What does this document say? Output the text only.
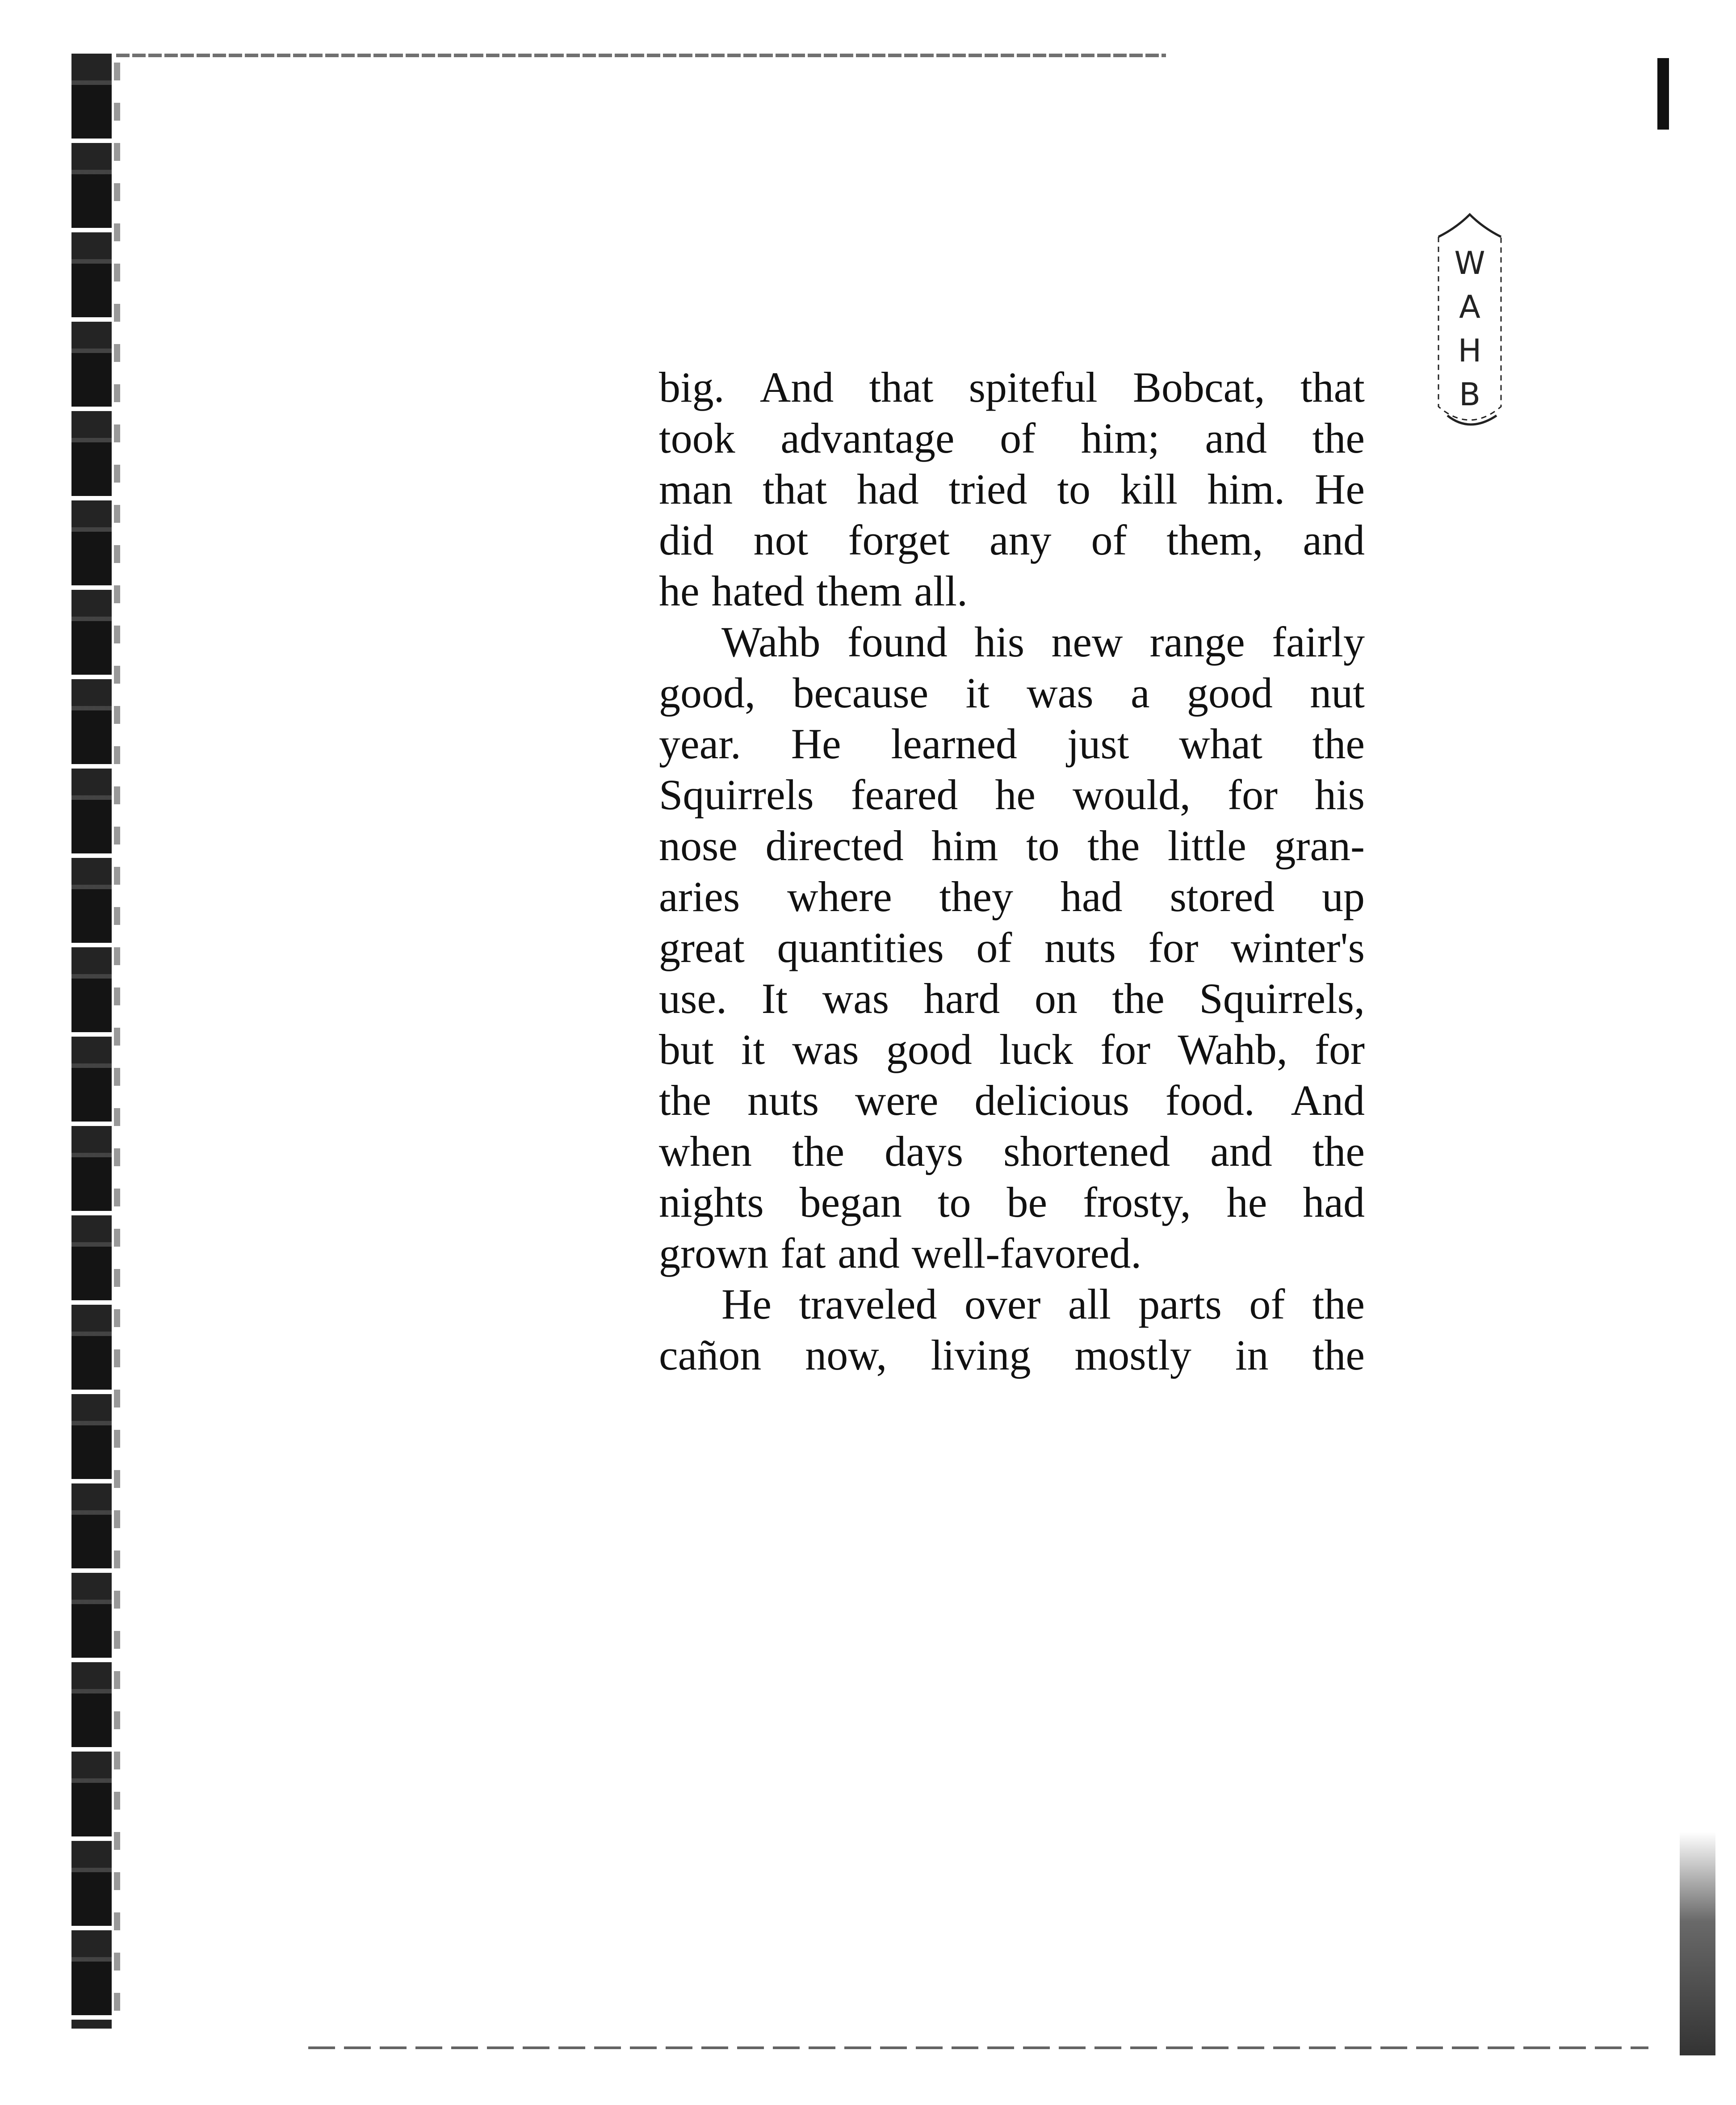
W
A
H
B
big. And that spiteful Bobcat, that
took advantage of him; and the
man that had tried to kill him. He
did not forget any of them, and
he hated them all.
Wahb found his new range fairly
good, because it was a good nut
year. He learned just what the
Squirrels feared he would, for his
nose directed him to the little gran-
aries where they had stored up
great quantities of nuts for winter's
use. It was hard on the Squirrels,
but it was good luck for Wahb, for
the nuts were delicious food. And
when the days shortened and the
nights began to be frosty, he had
grown fat and well-favored.
He traveled over all parts of the
cañon now, living mostly in the
